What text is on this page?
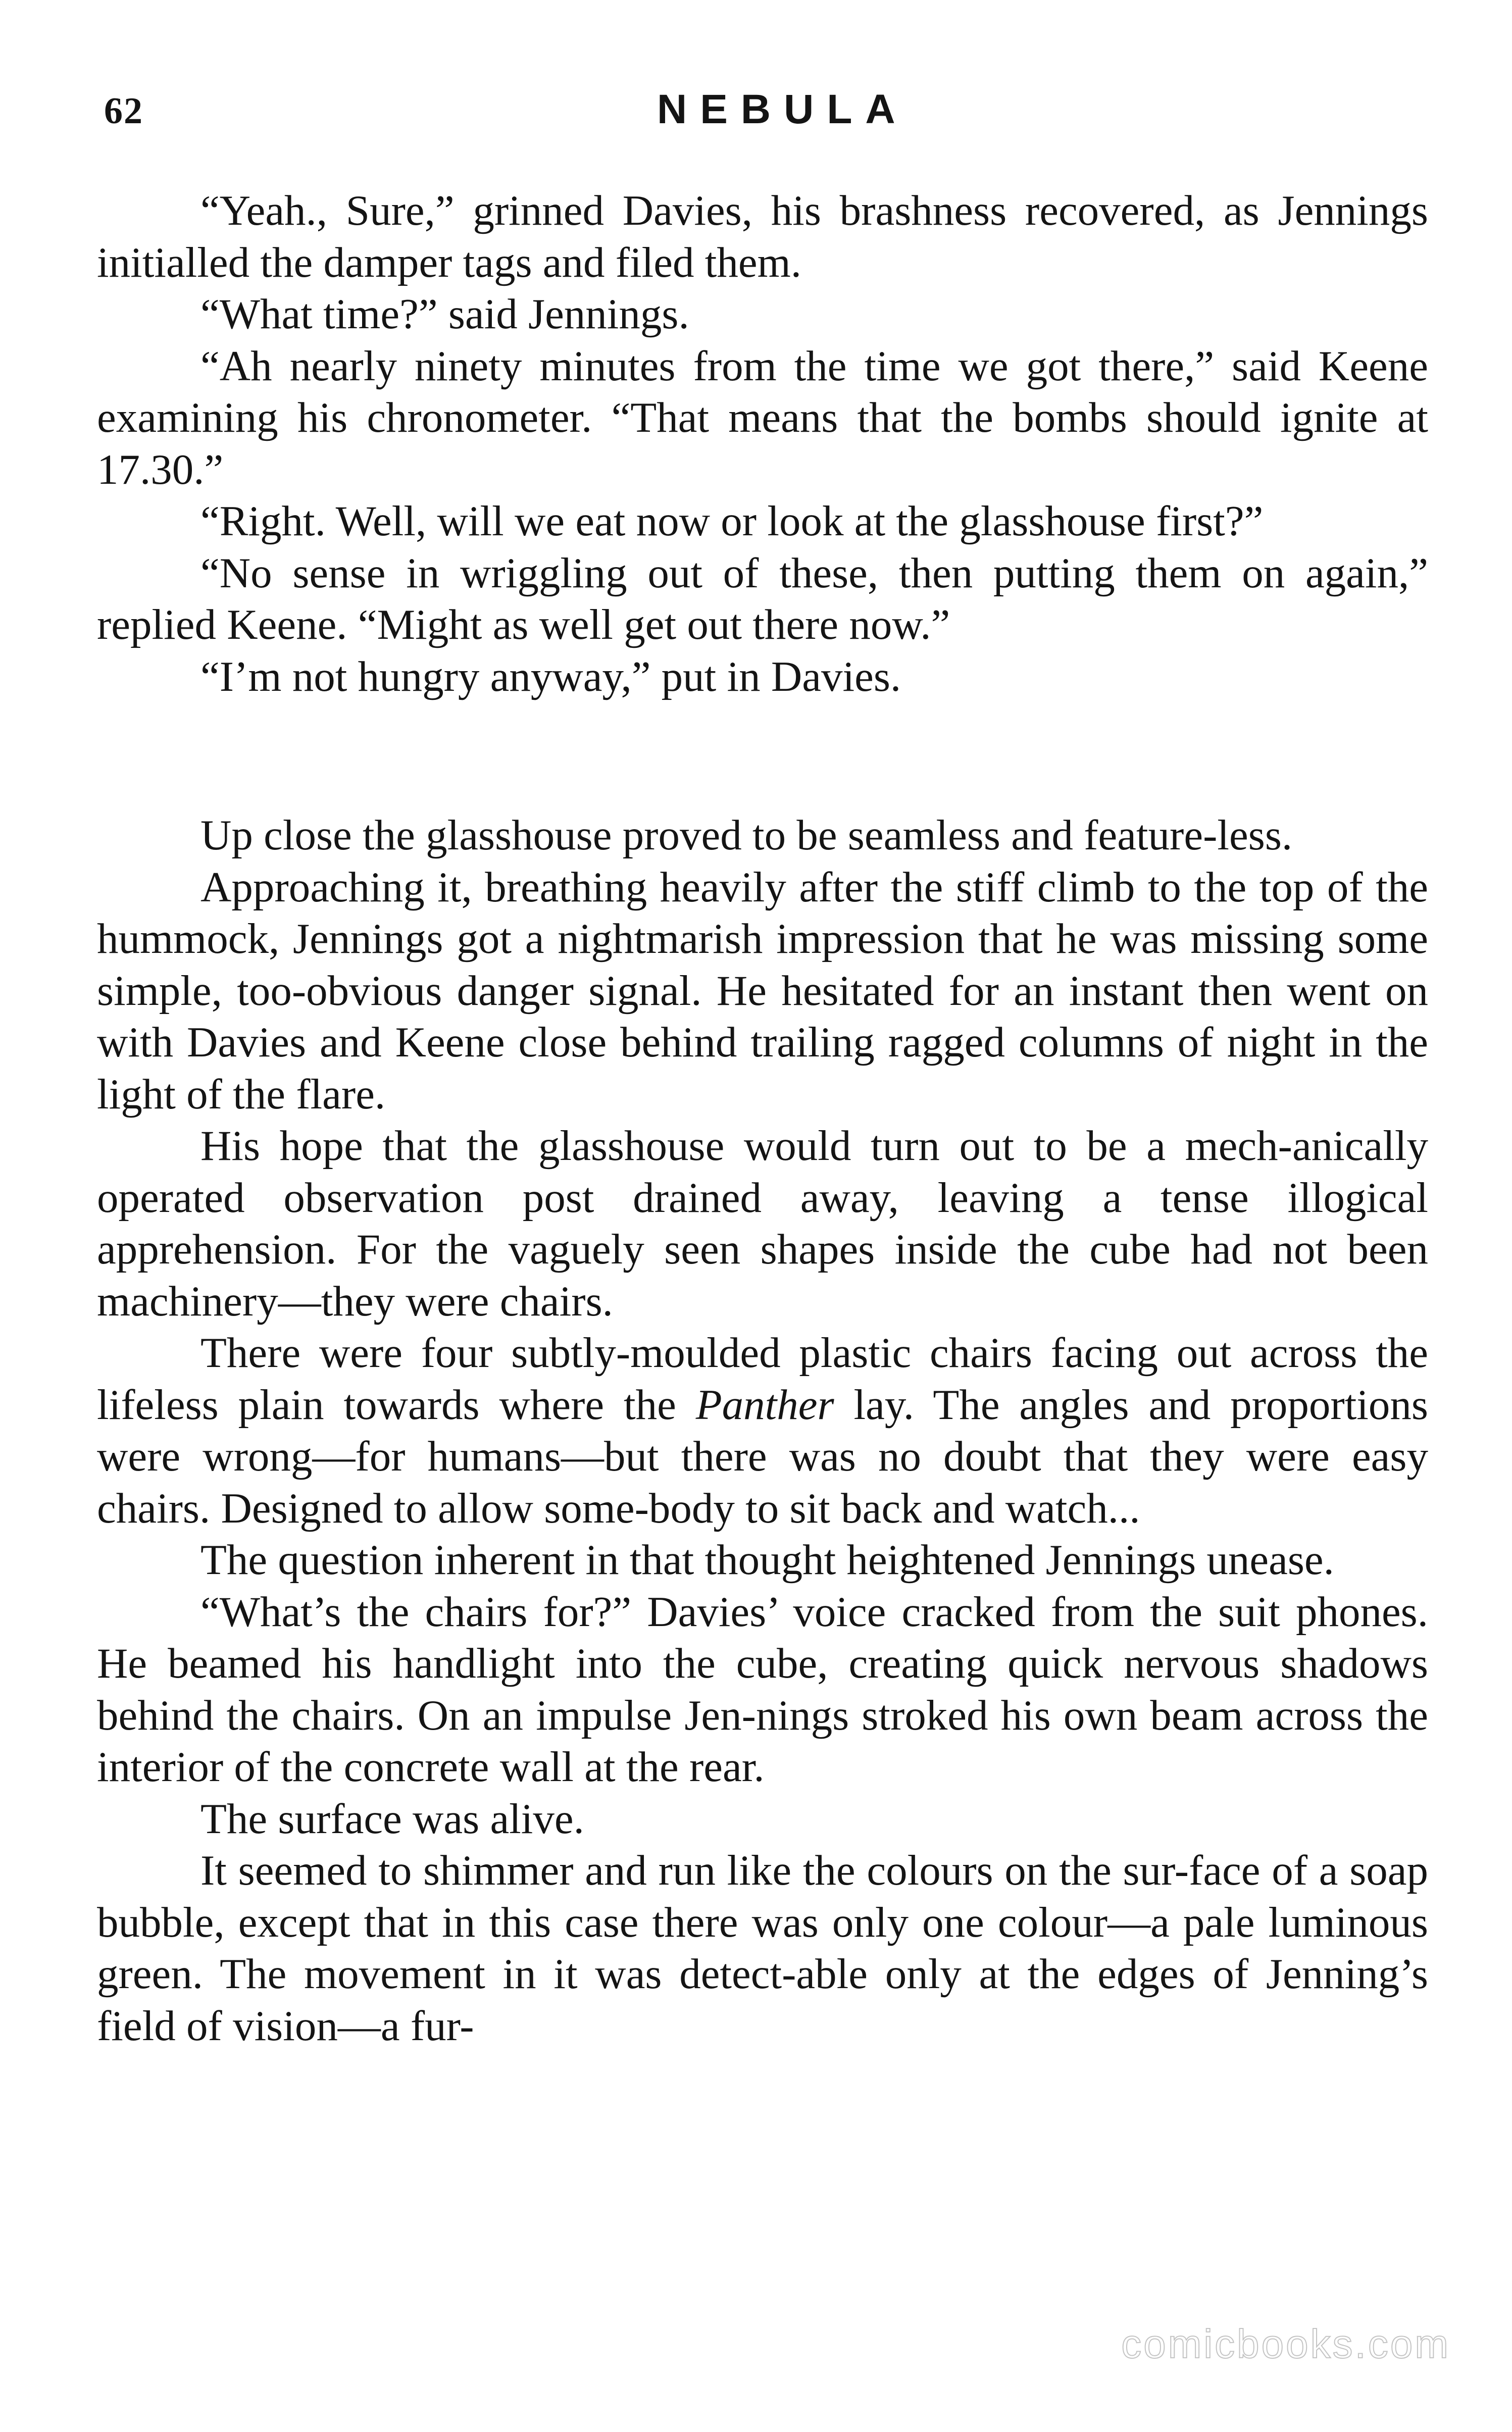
62	NEBULA

“Yeah., Sure,” grinned Davies, his brashness recovered, as Jennings initialled the damper tags and filed them.

“What time?” said Jennings.

“Ah nearly ninety minutes from the time we got there,” said Keene examining his chronometer. “That means that the bombs should ignite at 17.30.”

“Right. Well, will we eat now or look at the glasshouse first?”

“No sense in wriggling out of these, then putting them on again,” replied Keene. “Might as well get out there now.”

“I’m not hungry anyway,” put in Davies.

Up close the glasshouse proved to be seamless and feature-less.

Approaching it, breathing heavily after the stiff climb to the top of the hummock, Jennings got a nightmarish impression that he was missing some simple, too-obvious danger signal. He hesitated for an instant then went on with Davies and Keene close behind trailing ragged columns of night in the light of the flare.

His hope that the glasshouse would turn out to be a mech-anically operated observation post drained away, leaving a tense illogical apprehension. For the vaguely seen shapes inside the cube had not been machinery—they were chairs.

There were four subtly-moulded plastic chairs facing out across the lifeless plain towards where the Panther lay. The angles and proportions were wrong—for humans—but there was no doubt that they were easy chairs. Designed to allow some-body to sit back and watch...

The question inherent in that thought heightened Jennings unease.

“What’s the chairs for?” Davies’ voice cracked from the suit phones. He beamed his handlight into the cube, creating quick nervous shadows behind the chairs. On an impulse Jen-nings stroked his own beam across the interior of the concrete wall at the rear.

The surface was alive.

It seemed to shimmer and run like the colours on the sur-face of a soap bubble, except that in this case there was only one colour—a pale luminous green. The movement in it was detect-able only at the edges of Jenning’s field of vision—a fur-

comicbooks.com
